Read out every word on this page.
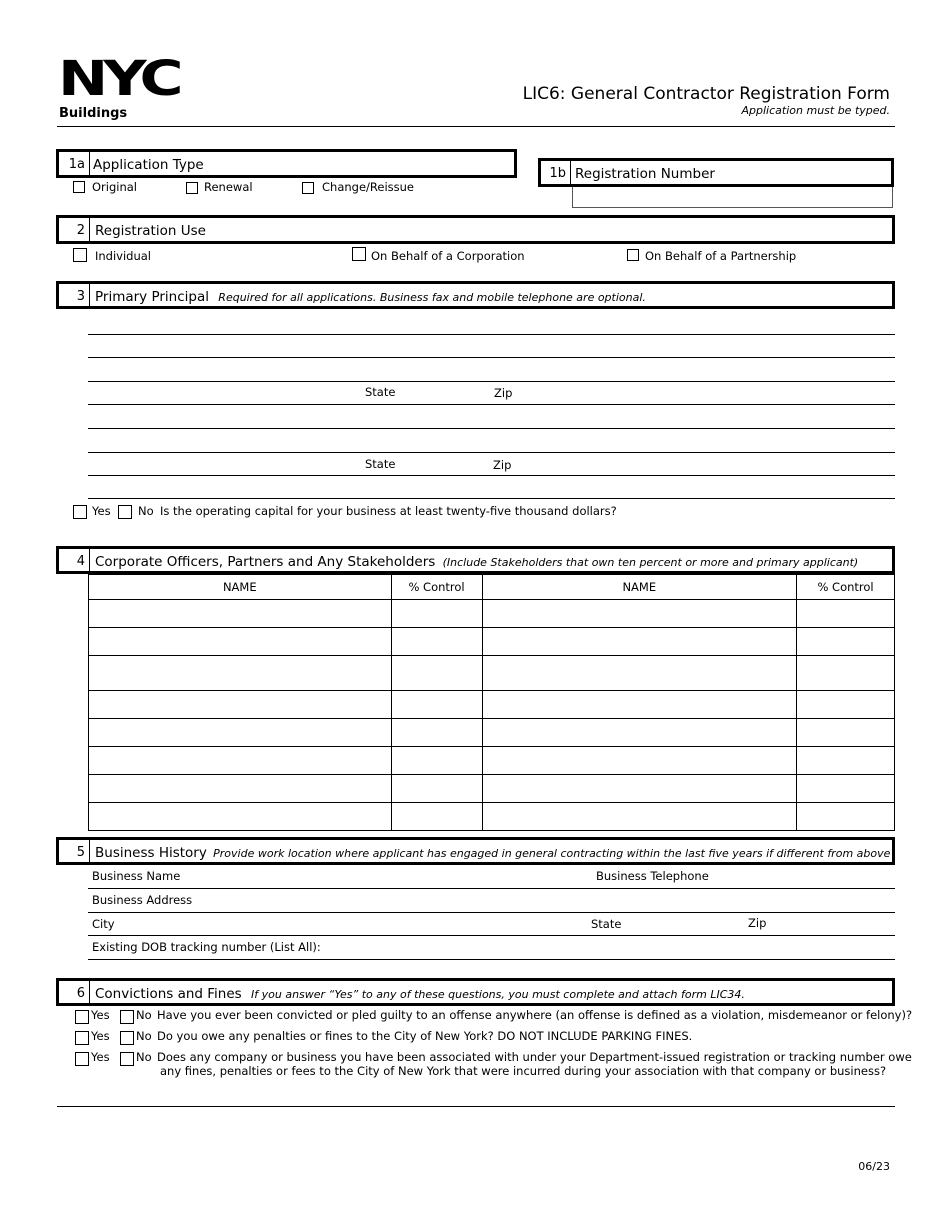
NYC
Buildings
LIC6: General Contractor Registration Form
Application must be typed.
1a Application Type
Original	Renewal	Change/Reissue
1b Registration Number
2 Registration Use
Individual	On Behalf of a Corporation	On Behalf of a Partnership
3 Primary Principal Required for all applications. Business fax and mobile telephone are optional.
State	Zip
State	Zip
Yes No Is the operating capital for your business at least twenty-five thousand dollars?
4 Corporate Officers, Partners and Any Stakeholders (Include Stakeholders that own ten percent or more and primary applicant)
NAME	% Control	NAME	% Control

5 Business History Provide work location where applicant has engaged in general contracting within the last five years if different from above
Business Name	Business Telephone
Business Address
City	State	Zip
Existing DOB tracking number (List All):
6 Convictions and Fines If you answer “Yes” to any of these questions, you must complete and attach form LIC34.
Yes No Have you ever been convicted or pled guilty to an offense anywhere (an offense is defined as a violation, misdemeanor or felony)?
Yes No Do you owe any penalties or fines to the City of New York? DO NOT INCLUDE PARKING FINES.
Yes No Does any company or business you have been associated with under your Department-issued registration or tracking number owe
any fines, penalties or fees to the City of New York that were incurred during your association with that company or business?
06/23
